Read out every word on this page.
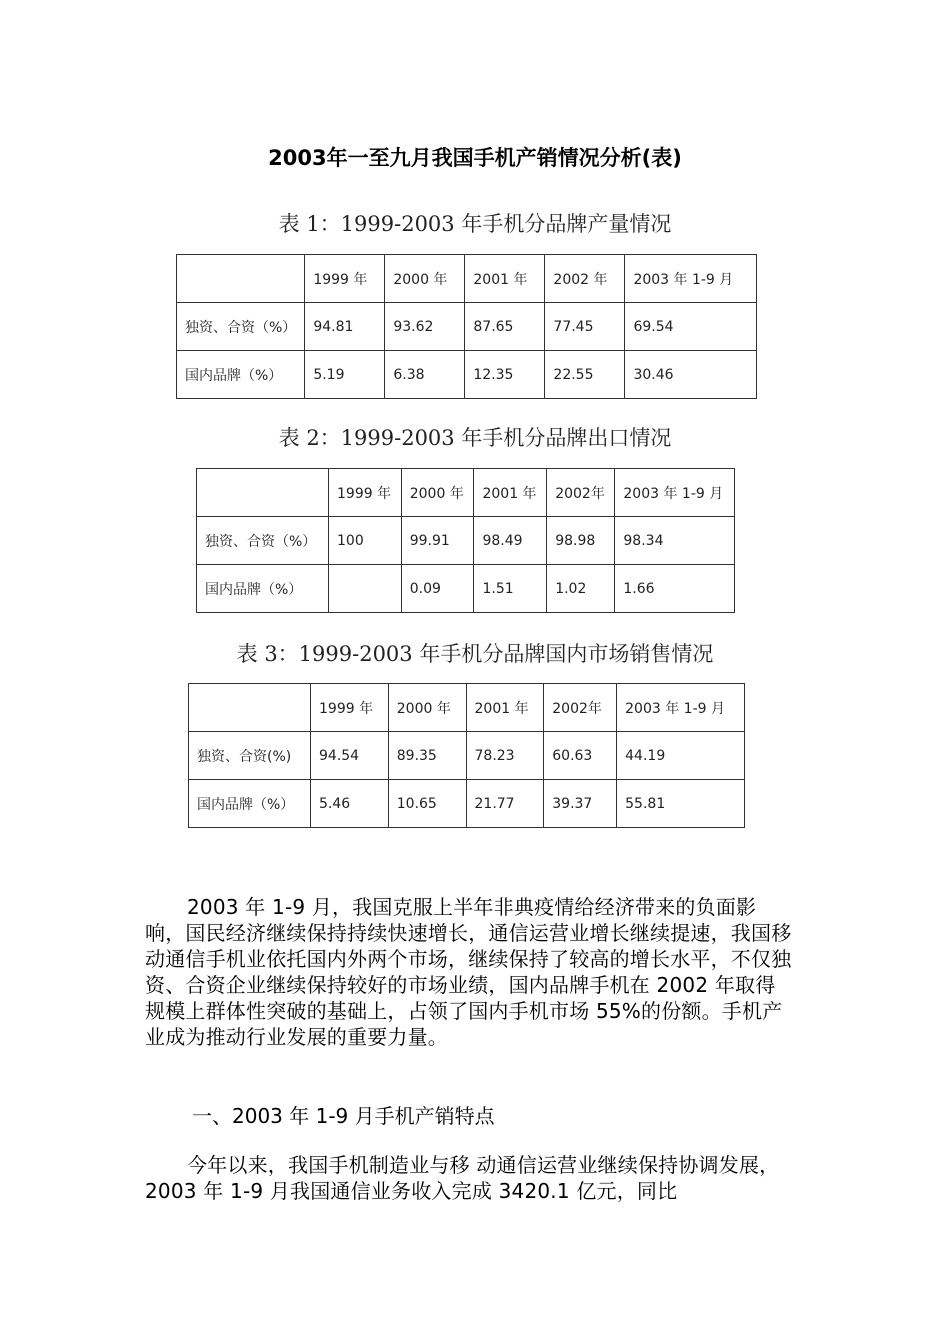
2003年一至九月我国手机产销情况分析(表)
表 1：1999-2003 年手机分品牌产量情况
	1999 年	2000 年	2001 年	2002 年	2003 年 1-9 月
独资、合资（%）	94.81	93.62	87.65	77.45	69.54
国内品牌（%）	5.19	6.38	12.35	22.55	30.46
表 2：1999-2003 年手机分品牌出口情况
	1999 年	2000 年	2001 年	2002年	2003 年 1-9 月
独资、合资（%）	100	99.91	98.49	98.98	98.34
国内品牌（%）		0.09	1.51	1.02	1.66
表 3：1999-2003 年手机分品牌国内市场销售情况
	1999 年	2000 年	2001 年	2002年	2003 年 1-9 月
独资、合资(%)	94.54	89.35	78.23	60.63	44.19
国内品牌（%）	5.46	10.65	21.77	39.37	55.81

2003 年 1-9 月，我国克服上半年非典疫情给经济带来的负面影响，国民经济继续保持持续快速增长，通信运营业增长继续提速，我国移 动通信手机业依托国内外两个市场，继续保持了较高的增长水平，不仅独资、合资企业继续保持较好的市场业绩，国内品牌手机在 2002 年取得规模上群体性突破的基础上，占领了国内手机市场 55%的份额。手机产业成为推动行业发展的重要力量。

一、2003 年 1-9 月手机产销特点

今年以来，我国手机制造业与移 动通信运营业继续保持协调发展，2003 年 1-9 月我国通信业务收入完成 3420.1 亿元，同比
